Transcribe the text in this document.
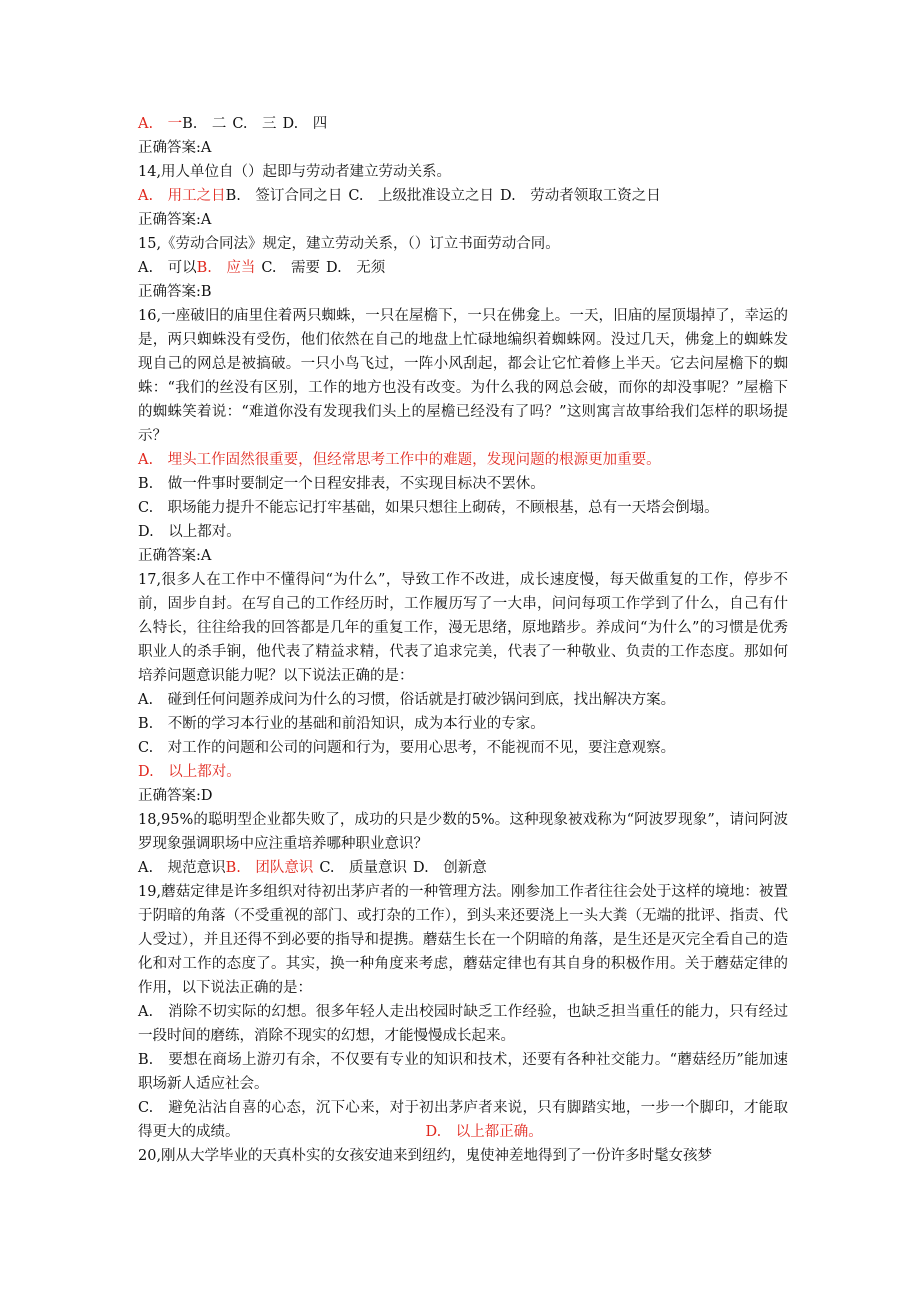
A.　一B.　二 C.　三 D.　四
正确答案:A
14,用人单位自（）起即与劳动者建立劳动关系。
A.　用工之日B.　签订合同之日 C.　上级批准设立之日 D.　劳动者领取工资之日
正确答案:A
15,《劳动合同法》规定，建立劳动关系，（）订立书面劳动合同。
A.　可以B.　应当 C.　需要 D.　无须
正确答案:B
16,一座破旧的庙里住着两只蜘蛛，一只在屋檐下，一只在佛龛上。一天，旧庙的屋顶塌掉了，幸运的是，两只蜘蛛没有受伤，他们依然在自己的地盘上忙碌地编织着蜘蛛网。没过几天，佛龛上的蜘蛛发现自己的网总是被搞破。一只小鸟飞过，一阵小风刮起，都会让它忙着修上半天。它去问屋檐下的蜘蛛：“我们的丝没有区别，工作的地方也没有改变。为什么我的网总会破，而你的却没事呢？”屋檐下的蜘蛛笑着说：“难道你没有发现我们头上的屋檐已经没有了吗？”这则寓言故事给我们怎样的职场提示？
A.　埋头工作固然很重要，但经常思考工作中的难题，发现问题的根源更加重要。
B.　做一件事时要制定一个日程安排表，不实现目标决不罢休。
C.　职场能力提升不能忘记打牢基础，如果只想往上砌砖，不顾根基，总有一天塔会倒塌。
D.　以上都对。
正确答案:A
17,很多人在工作中不懂得问“为什么”，导致工作不改进，成长速度慢，每天做重复的工作，停步不前，固步自封。在写自己的工作经历时，工作履历写了一大串，问问每项工作学到了什么，自己有什么特长，往往给我的回答都是几年的重复工作，漫无思绪，原地踏步。养成问“为什么”的习惯是优秀职业人的杀手锏，他代表了精益求精，代表了追求完美，代表了一种敬业、负责的工作态度。那如何培养问题意识能力呢？以下说法正确的是：
A.　碰到任何问题养成问为什么的习惯，俗话就是打破沙锅问到底，找出解决方案。
B.　不断的学习本行业的基础和前沿知识，成为本行业的专家。
C.　对工作的问题和公司的问题和行为，要用心思考，不能视而不见，要注意观察。
D.　以上都对。
正确答案:D
18,95%的聪明型企业都失败了，成功的只是少数的5%。这种现象被戏称为“阿波罗现象”，请问阿波罗现象强调职场中应注重培养哪种职业意识？
A.　规范意识B.　团队意识 C.　质量意识 D.　创新意
19,蘑菇定律是许多组织对待初出茅庐者的一种管理方法。刚参加工作者往往会处于这样的境地：被置于阴暗的角落（不受重视的部门、或打杂的工作），到头来还要浇上一头大粪（无端的批评、指责、代人受过），并且还得不到必要的指导和提携。蘑菇生长在一个阴暗的角落，是生还是灭完全看自己的造化和对工作的态度了。其实，换一种角度来考虑，蘑菇定律也有其自身的积极作用。关于蘑菇定律的作用，以下说法正确的是：
A.　消除不切实际的幻想。很多年轻人走出校园时缺乏工作经验，也缺乏担当重任的能力，只有经过一段时间的磨练，消除不现实的幻想，才能慢慢成长起来。
B.　要想在商场上游刃有余，不仅要有专业的知识和技术，还要有各种社交能力。“蘑菇经历”能加速职场新人适应社会。
C.　避免沾沾自喜的心态，沉下心来，对于初出茅庐者来说，只有脚踏实地，一步一个脚印，才能取得更大的成绩。	D.　以上都正确。
20,刚从大学毕业的天真朴实的女孩安迪来到纽约，鬼使神差地得到了一份许多时髦女孩梦
